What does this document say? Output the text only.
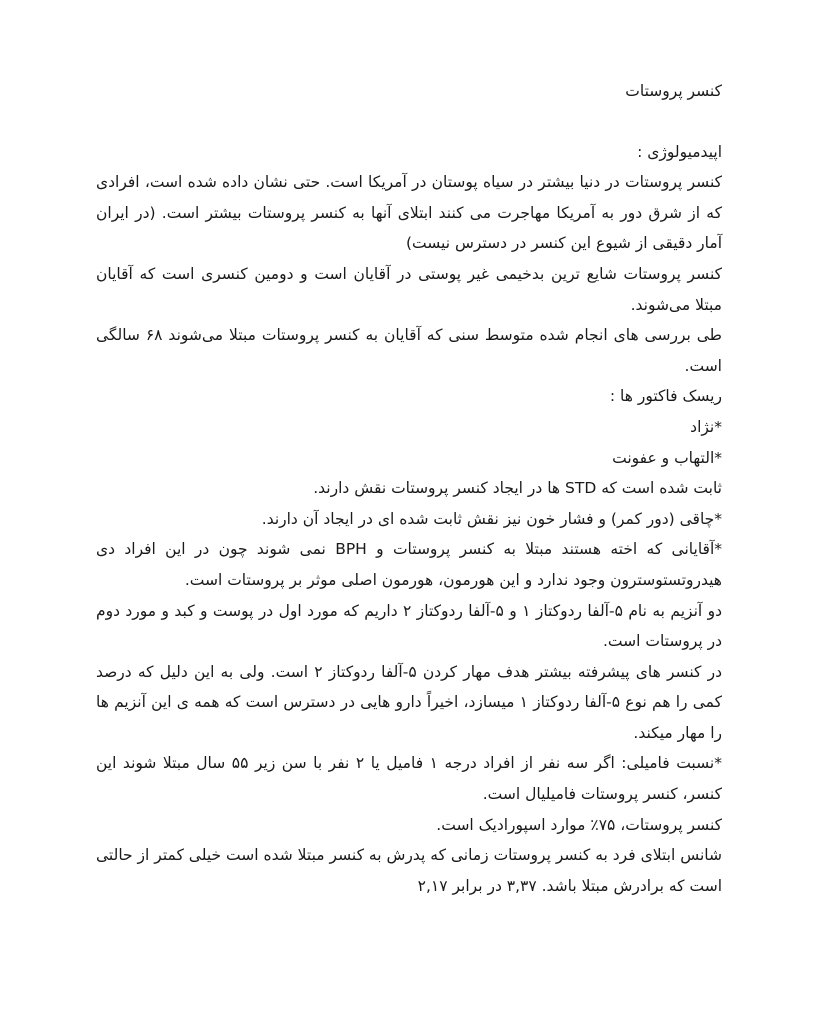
کنسر پروستات

اپیدمیولوژی :

کنسر پروستات در دنیا بیشتر در سیاه پوستان در آمریکا است. حتی نشان داده شده است، افرادی که از شرق دور به آمریکا مهاجرت می کنند ابتلای آنها به کنسر پروستات بیشتر است. (در ایران آمار دقیقی از شیوع این کنسر در دسترس نیست)

کنسر پروستات شایع ترین بدخیمی غیر پوستی در آقایان است و دومین کنسری است که آقایان مبتلا می‌شوند.

طی بررسی های انجام شده متوسط سنی که آقایان به کنسر پروستات مبتلا می‌شوند ۶۸ سالگی است.

ریسک فاکتور ها :

*نژاد

*التهاب و عفونت

ثابت شده است که STD ها در ایجاد کنسر پروستات نقش دارند.

*چاقی (دور کمر) و فشار خون نیز نقش ثابت شده ای در ایجاد آن دارند.

*آقایانی که اخته هستند مبتلا به کنسر پروستات و BPH نمی شوند چون در این افراد دی هیدروتستوسترون وجود ندارد و این هورمون، هورمون اصلی موثر بر پروستات است.

دو آنزیم به نام ۵-آلفا ردوکتاز ۱ و ۵-آلفا ردوکتاز ۲ داریم که مورد اول در پوست و کبد و مورد دوم در پروستات است.

در کنسر های پیشرفته بیشتر هدف مهار کردن ۵-آلفا ردوکتاز ۲ است. ولی به این دلیل که درصد کمی را هم نوع ۵-آلفا ردوکتاز ۱ میسازد، اخیراً دارو هایی در دسترس است که همه ی این آنزیم ها را مهار میکند.

*نسبت فامیلی: اگر سه نفر از افراد درجه ۱ فامیل یا ۲ نفر با سن زیر ۵۵ سال مبتلا شوند این کنسر، کنسر پروستات فامیلیال است.

کنسر پروستات، ۷۵٪ موارد اسپورادیک است.

شانس ابتلای فرد به کنسر پروستات زمانی که پدرش به کنسر مبتلا شده است خیلی کمتر از حالتی است که برادرش مبتلا باشد. ۳,۳۷ در برابر ۲,۱۷
